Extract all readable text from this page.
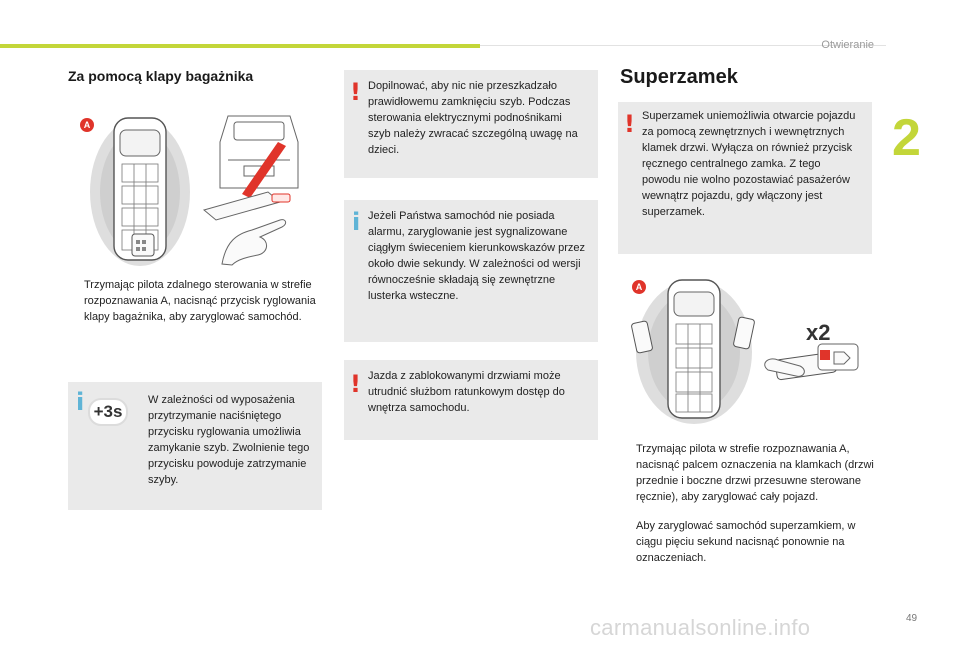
Otwieranie
2
Za pomocą klapy bagażnika
A
Trzymając pilota zdalnego sterowania w strefie rozpoznawania A, nacisnąć przycisk ryglowania klapy bagażnika, aby zaryglować samochód.
i	W zależności od wyposażenia przytrzymanie naciśniętego przycisku ryglowania umożliwia zamykanie szyb. Zwolnienie tego przycisku powoduje zatrzymanie szyby.
+3s
! Dopilnować, aby nic nie przeszkadzało prawidłowemu zamknięciu szyb. Podczas sterowania elektrycznymi podnośnikami szyb należy zwracać szczególną uwagę na dzieci.
i Jeżeli Państwa samochód nie posiada alarmu, zaryglowanie jest sygnalizowane ciągłym świeceniem kierunkowskazów przez około dwie sekundy. W zależności od wersji równocześnie składają się zewnętrzne lusterka wsteczne.
! Jazda z zablokowanymi drzwiami może utrudnić służbom ratunkowym dostęp do wnętrza samochodu.
Superzamek
! Superzamek uniemożliwia otwarcie pojazdu za pomocą zewnętrznych i wewnętrznych klamek drzwi. Wyłącza on również przycisk ręcznego centralnego zamka. Z tego powodu nie wolno pozostawiać pasażerów wewnątrz pojazdu, gdy włączony jest superzamek.
A
x2
Trzymając pilota w strefie rozpoznawania A, nacisnąć palcem oznaczenia na klamkach (drzwi przednie i boczne drzwi przesuwne sterowane ręcznie), aby zaryglować cały pojazd.
Aby zaryglować samochód superzamkiem, w ciągu pięciu sekund nacisnąć ponownie na oznaczeniach.
carmanualsonline.info	49
